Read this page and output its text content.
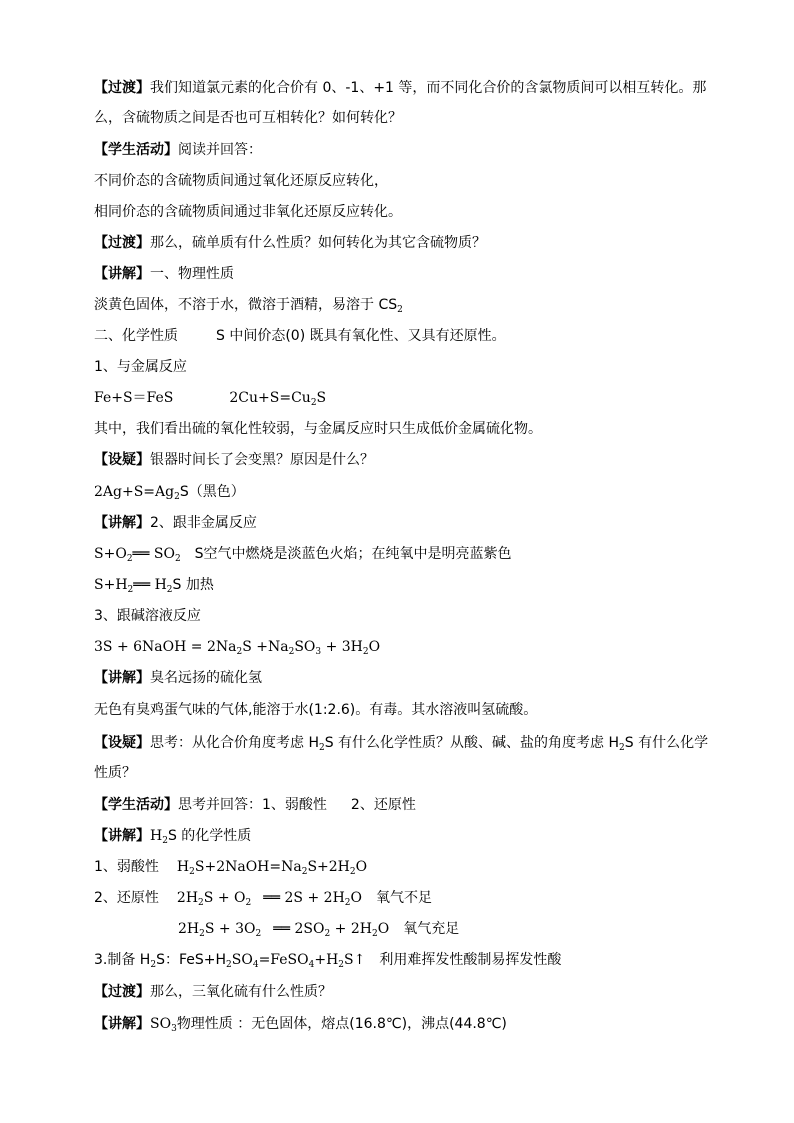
【过渡】我们知道氯元素的化合价有 0、-1、+1 等，而不同化合价的含氯物质间可以相互转化。那
么，含硫物质之间是否也可互相转化？如何转化？
【学生活动】阅读并回答：
不同价态的含硫物质间通过氧化还原反应转化，
相同价态的含硫物质间通过非氧化还原反应转化。
【过渡】那么，硫单质有什么性质？如何转化为其它含硫物质？
【讲解】一、物理性质
淡黄色固体，不溶于水，微溶于酒精，易溶于 $CS_2$
二、化学性质	S 中间价态(0) 既具有氧化性、又具有还原性。
1、与金属反应
Fe+S＝FeS	$2Cu+S=Cu_2S$
其中，我们看出硫的氧化性较弱，与金属反应时只生成低价金属硫化物。
【设疑】银器时间长了会变黑？原因是什么？
$2Ag+S=Ag_2S$（黑色）
【讲解】2、跟非金属反应
$S+O_2══$ $SO_2$ S空气中燃烧是淡蓝色火焰；在纯氧中是明亮蓝紫色
$S+H_2══$ $H_2S$ 加热
3、跟碱溶液反应
3S + 6NaOH = $2Na_2S +Na_2SO_3 + 3H_2O$
【讲解】臭名远扬的硫化氢
无色有臭鸡蛋气味的气体,能溶于水(1:2.6)。有毒。其水溶液叫氢硫酸。
【设疑】思考：从化合价角度考虑 $H_2S$ 有什么化学性质？从酸、碱、盐的角度考虑 $H_2S$ 有什么化学
性质？
【学生活动】思考并回答：1、弱酸性 2、还原性
【讲解】$H_2S$ 的化学性质
1、弱酸性 $H_2S+2NaOH=Na_2S+2H_2O$
2、还原性 $2H_2S + O_2$ ══ $2S + 2H_2O$ 氧气不足
$2H_2S + 3O_2$ ══ $2SO_2 + 2H_2O$ 氧气充足
3.制备 $H_2S$：$FeS+H_2SO_4=FeSO_4+H_2S↑$ 利用难挥发性酸制易挥发性酸
【过渡】那么，三氧化硫有什么性质？
【讲解】$SO_3$物理性质 ：无色固体，熔点(16.8℃)，沸点(44.8℃)
